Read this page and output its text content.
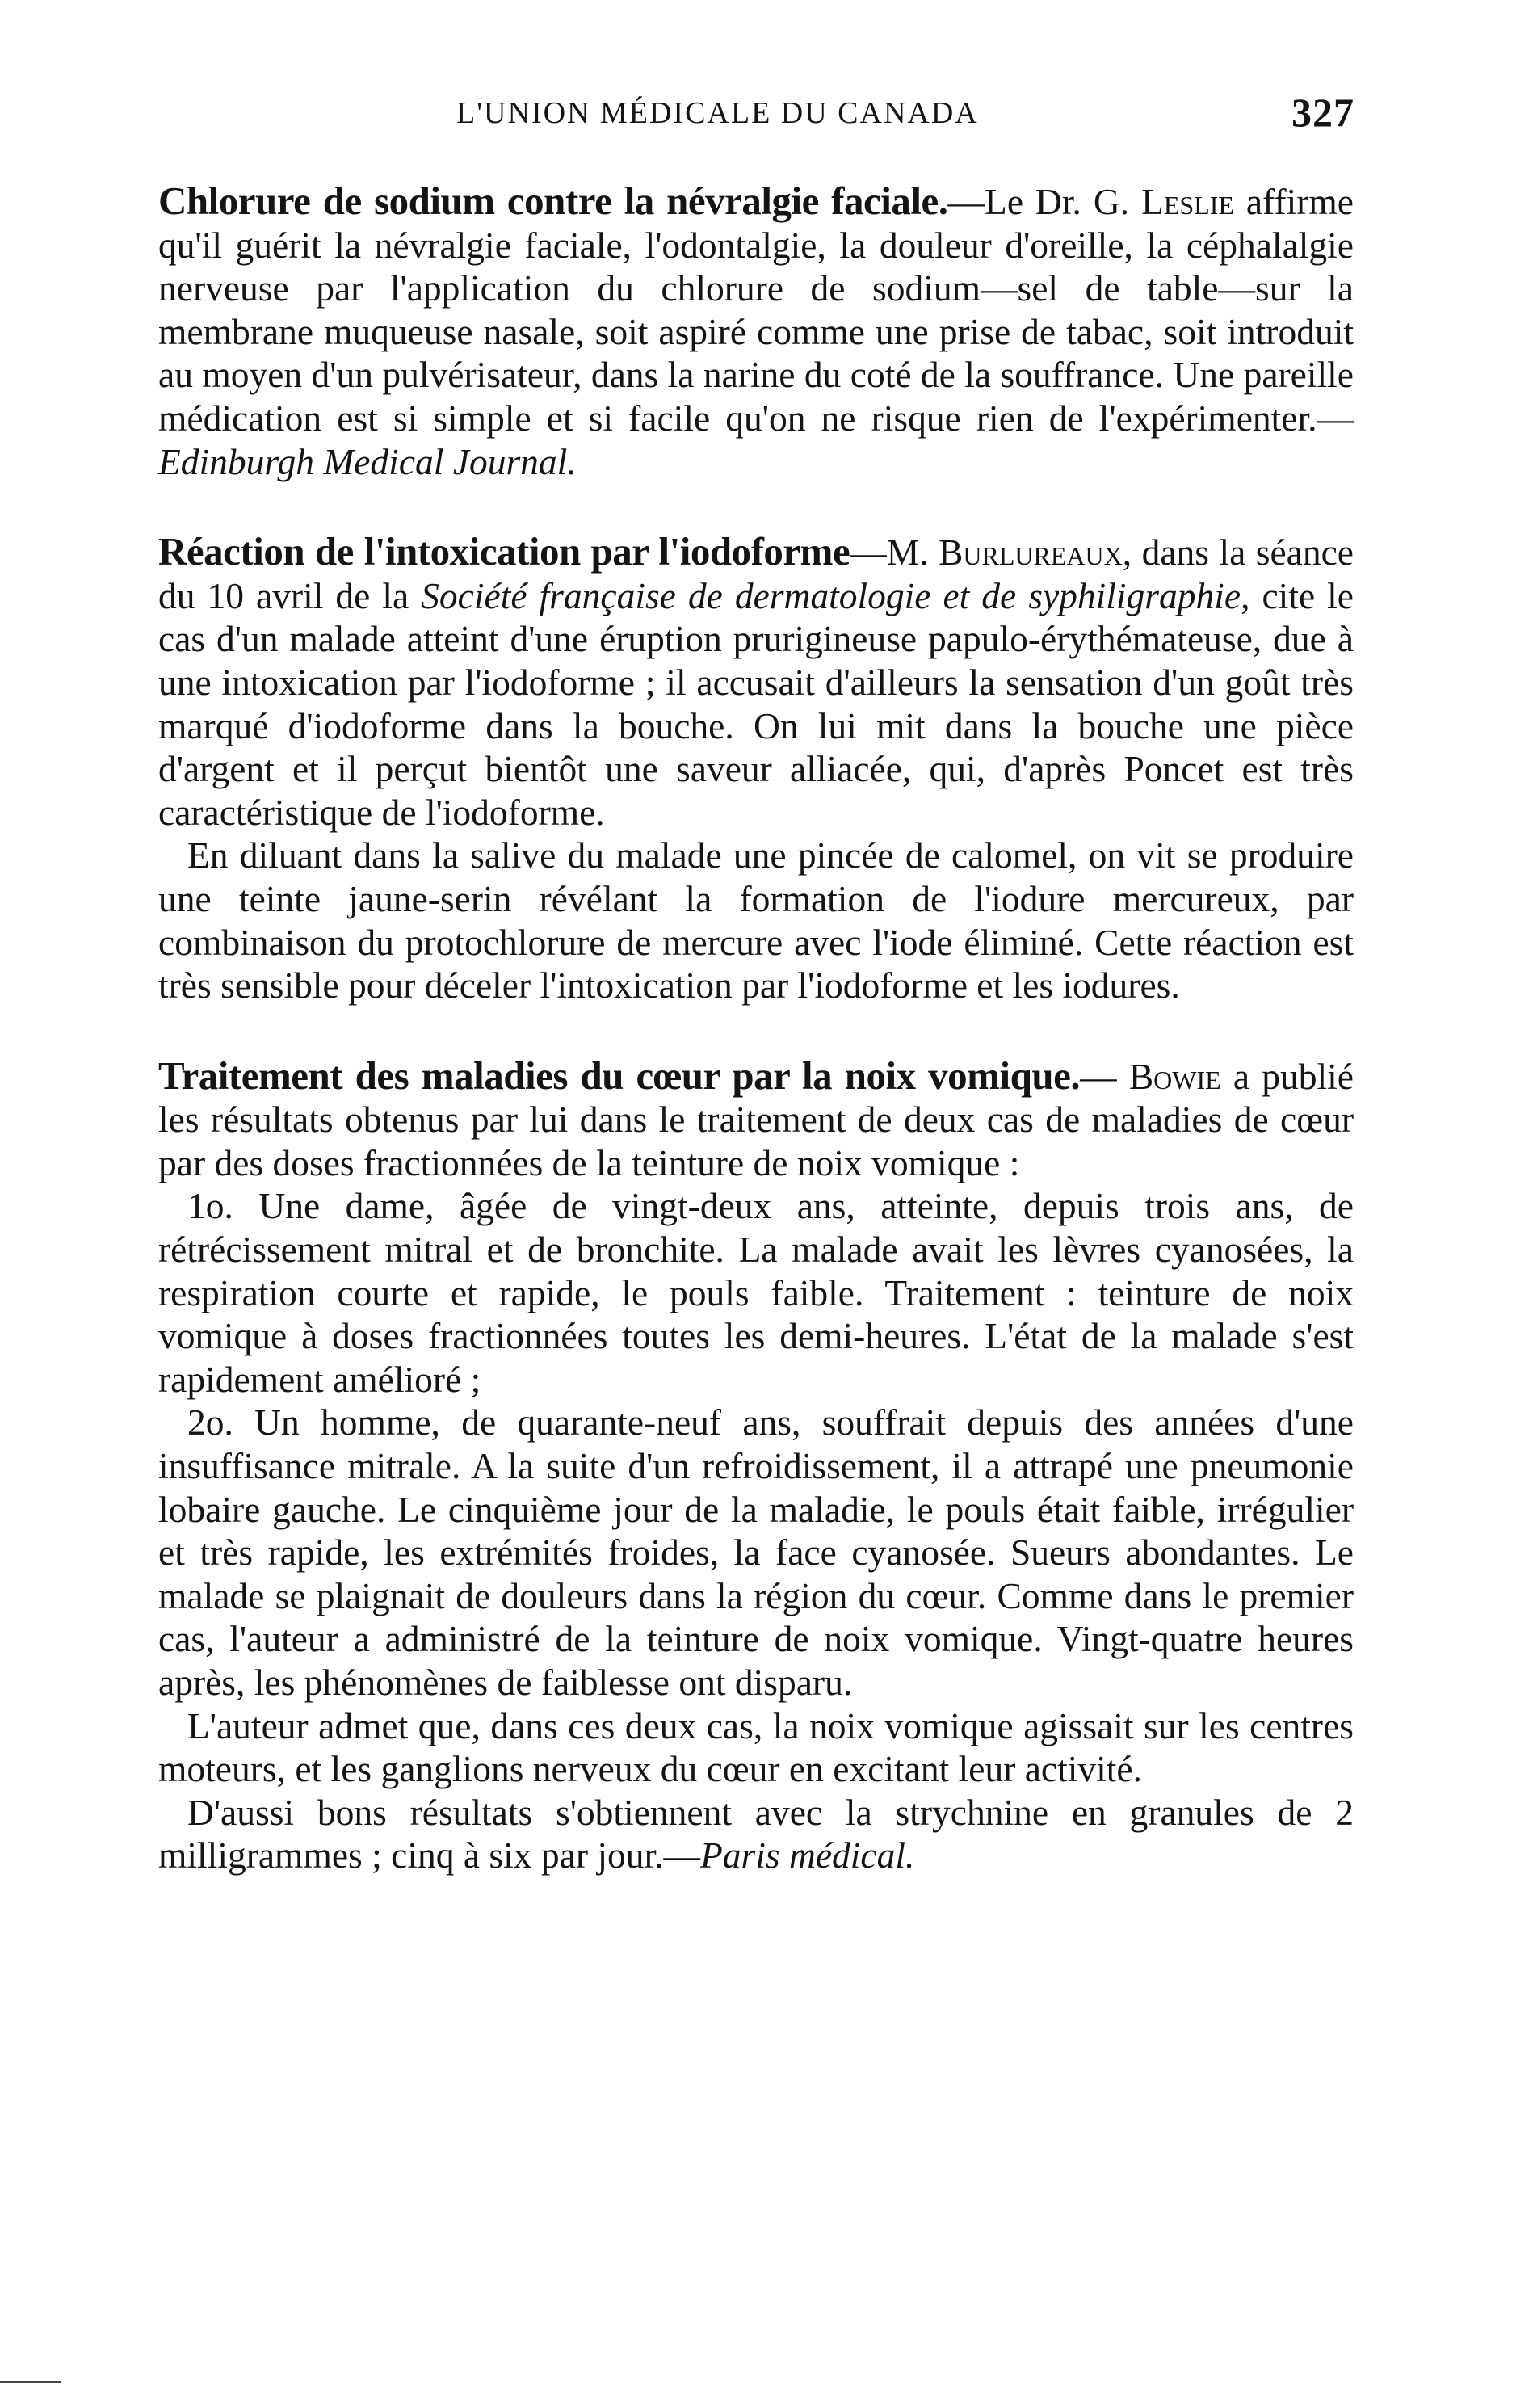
L'UNION MÉDICALE DU CANADA	327

Chlorure de sodium contre la névralgie faciale.—Le Dr. G. Leslie affirme qu'il guérit la névralgie faciale, l'odontalgie, la douleur d'oreille, la céphalalgie nerveuse par l'application du chlorure de sodium—sel de table—sur la membrane muqueuse nasale, soit aspiré comme une prise de tabac, soit introduit au moyen d'un pulvérisateur, dans la narine du coté de la souffrance. Une pareille médication est si simple et si facile qu'on ne risque rien de l'expérimenter.—Edinburgh Medical Journal.

Réaction de l'intoxication par l'iodoforme—M. Burlureaux, dans la séance du 10 avril de la Société française de dermatologie et de syphiligraphie, cite le cas d'un malade atteint d'une éruption prurigineuse papulo-érythémateuse, due à une intoxication par l'iodoforme ; il accusait d'ailleurs la sensation d'un goût très marqué d'iodoforme dans la bouche. On lui mit dans la bouche une pièce d'argent et il perçut bientôt une saveur alliacée, qui, d'après Poncet est très caractéristique de l'iodoforme.

En diluant dans la salive du malade une pincée de calomel, on vit se produire une teinte jaune-serin révélant la formation de l'iodure mercureux, par combinaison du protochlorure de mercure avec l'iode éliminé. Cette réaction est très sensible pour déceler l'intoxication par l'iodoforme et les iodures.

Traitement des maladies du cœur par la noix vomique.— Bowie a publié les résultats obtenus par lui dans le traitement de deux cas de maladies de cœur par des doses fractionnées de la teinture de noix vomique :

1o. Une dame, âgée de vingt-deux ans, atteinte, depuis trois ans, de rétrécissement mitral et de bronchite. La malade avait les lèvres cyanosées, la respiration courte et rapide, le pouls faible. Traitement : teinture de noix vomique à doses fractionnées toutes les demi-heures. L'état de la malade s'est rapidement amélioré ;

2o. Un homme, de quarante-neuf ans, souffrait depuis des années d'une insuffisance mitrale. A la suite d'un refroidissement, il a attrapé une pneumonie lobaire gauche. Le cinquième jour de la maladie, le pouls était faible, irrégulier et très rapide, les extrémités froides, la face cyanosée. Sueurs abondantes. Le malade se plaignait de douleurs dans la région du cœur. Comme dans le premier cas, l'auteur a administré de la teinture de noix vomique. Vingt-quatre heures après, les phénomènes de faiblesse ont disparu.

L'auteur admet que, dans ces deux cas, la noix vomique agissait sur les centres moteurs, et les ganglions nerveux du cœur en excitant leur activité.

D'aussi bons résultats s'obtiennent avec la strychnine en granules de 2 milligrammes ; cinq à six par jour.—Paris médical.
